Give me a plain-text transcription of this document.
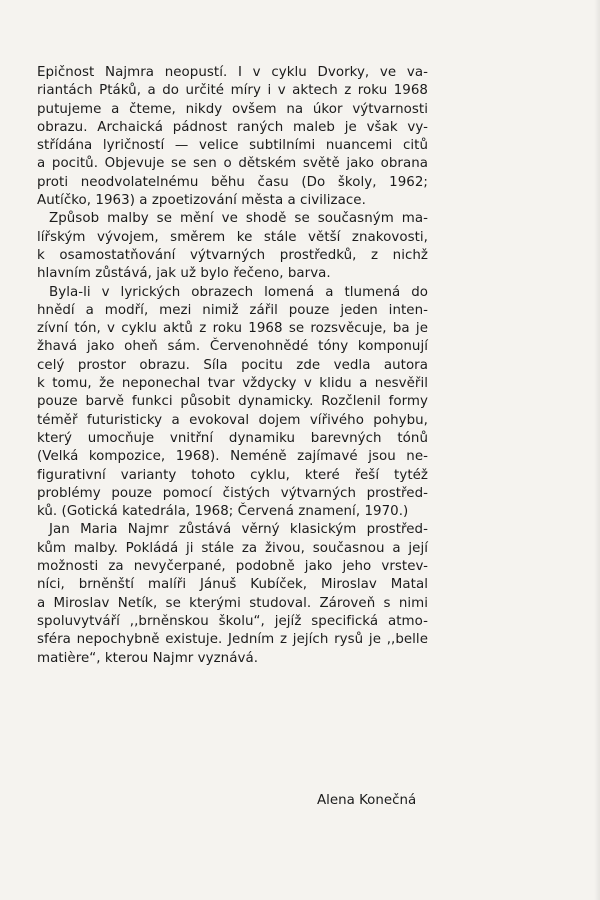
Epičnost Najmra neopustí. I v cyklu Dvorky, ve va-
riantách Ptáků, a do určité míry i v aktech z roku 1968
putujeme a čteme, nikdy ovšem na úkor výtvarnosti
obrazu. Archaická pádnost raných maleb je však vy-
střídána lyričností — velice subtilními nuancemi citů
a pocitů. Objevuje se sen o dětském světě jako obrana
proti neodvolatelnému běhu času (Do školy, 1962;
Autíčko, 1963) a zpoetizování města a civilizace.

Způsob malby se mění ve shodě se současným ma-
lířským vývojem, směrem ke stále větší znakovosti,
k osamostatňování výtvarných prostředků, z nichž
hlavním zůstává, jak už bylo řečeno, barva.

Byla-li v lyrických obrazech lomená a tlumená do
hnědí a modří, mezi nimiž zářil pouze jeden inten-
zívní tón, v cyklu aktů z roku 1968 se rozsvěcuje, ba je
žhavá jako oheň sám. Červenohnědé tóny komponují
celý prostor obrazu. Síla pocitu zde vedla autora
k tomu, že neponechal tvar vždycky v klidu a nesvěřil
pouze barvě funkci působit dynamicky. Rozčlenil formy
téměř futuristicky a evokoval dojem vířivého pohybu,
který umocňuje vnitřní dynamiku barevných tónů
(Velká kompozice, 1968). Neméně zajímavé jsou ne-
figurativní varianty tohoto cyklu, které řeší tytéž
problémy pouze pomocí čistých výtvarných prostřed-
ků. (Gotická katedrála, 1968; Červená znamení, 1970.)

Jan Maria Najmr zůstává věrný klasickým prostřed-
kům malby. Pokládá ji stále za živou, současnou a její
možnosti za nevyčerpané, podobně jako jeho vrstev-
níci, brněnští malíři Jánuš Kubíček, Miroslav Matal
a Miroslav Netík, se kterými studoval. Zároveň s nimi
spoluvytváří ,,brněnskou školu“, jejíž specifická atmo-
sféra nepochybně existuje. Jedním z jejích rysů je ,,belle
matière“, kterou Najmr vyznává.

Alena Konečná
